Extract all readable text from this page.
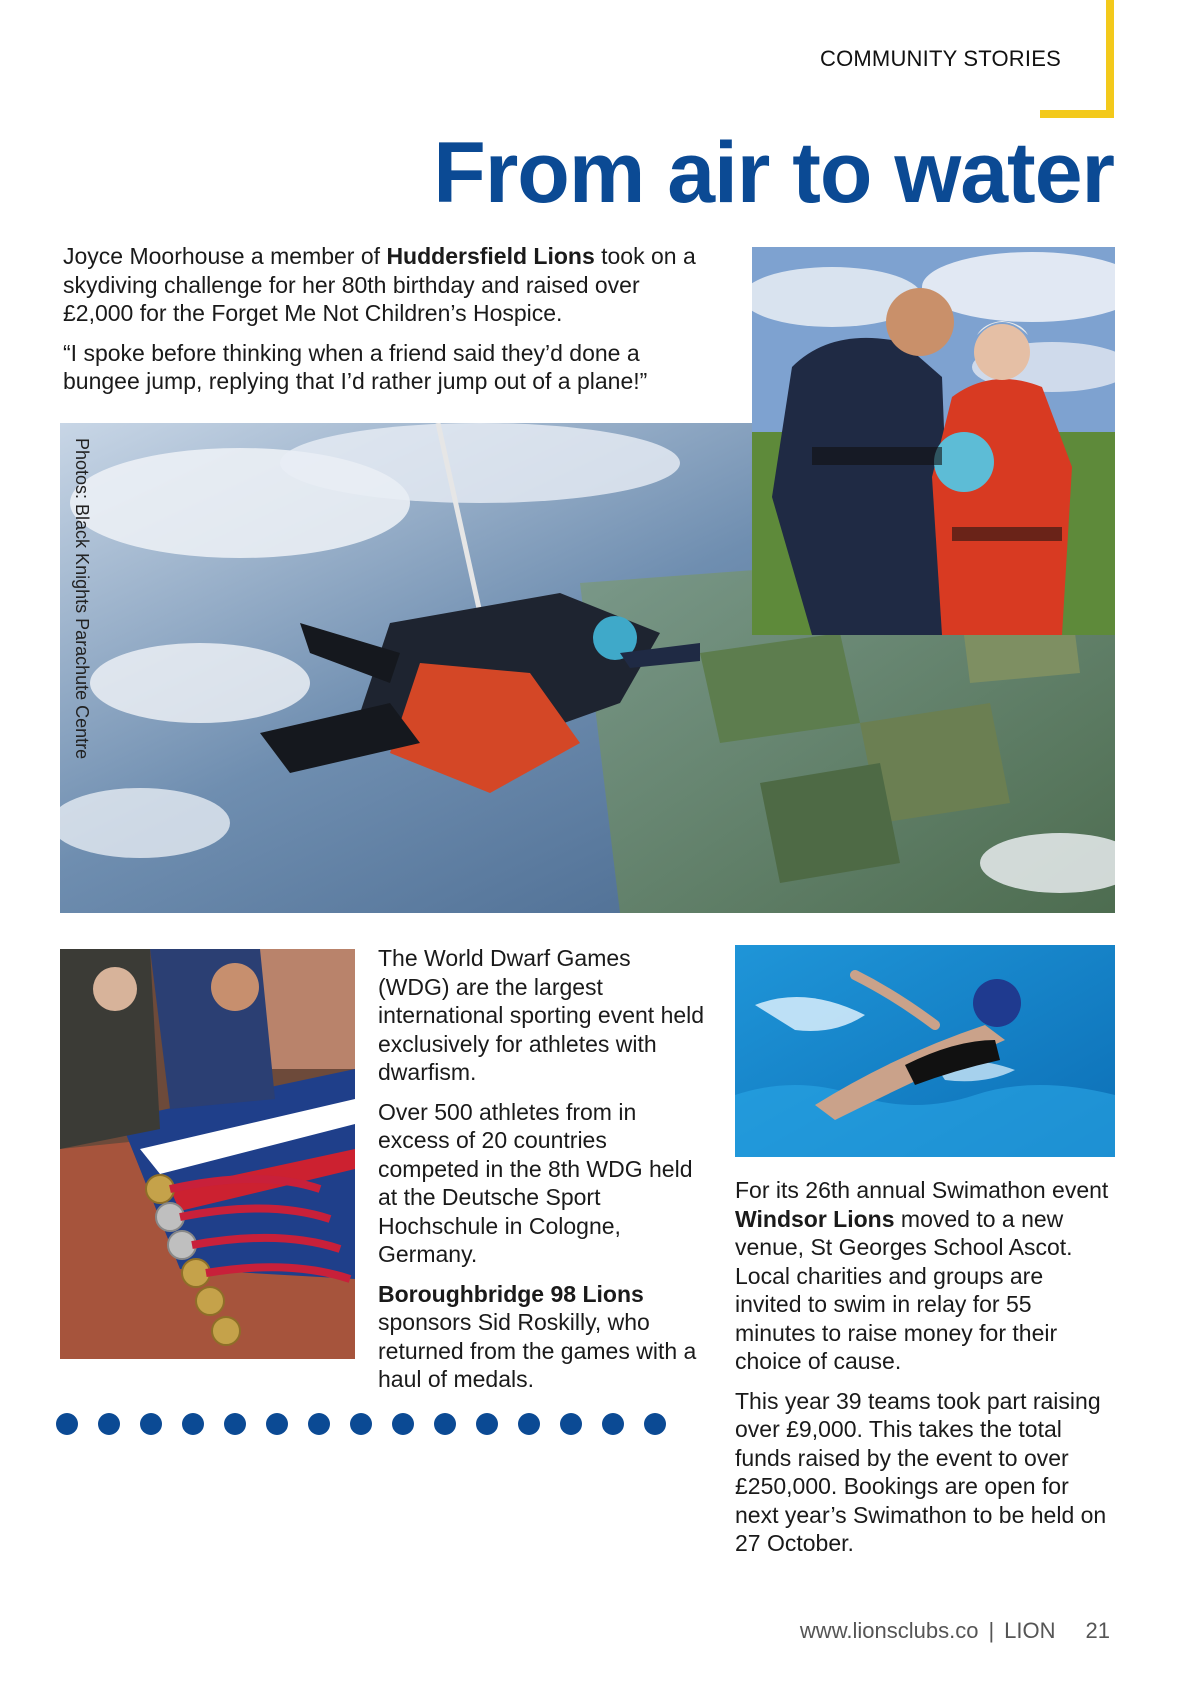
COMMUNITY STORIES
From air to water

Joyce Moorhouse a member of Huddersfield Lions took on a skydiving challenge for her 80th birthday and raised over £2,000 for the Forget Me Not Children’s Hospice.

“I spoke before thinking when a friend said they’d done a bungee jump, replying that I’d rather jump out of a plane!”

Photos: Black Knights Parachute Centre

The World Dwarf Games (WDG) are the largest international sporting event held exclusively for athletes with dwarfism.

Over 500 athletes from in excess of 20 countries competed in the 8th WDG held at the Deutsche Sport Hochschule in Cologne, Germany.

Boroughbridge 98 Lions sponsors Sid Roskilly, who returned from the games with a haul of medals.

For its 26th annual Swimathon event Windsor Lions moved to a new venue, St Georges School Ascot. Local charities and groups are invited to swim in relay for 55 minutes to raise money for their choice of cause.

This year 39 teams took part raising over £9,000. This takes the total funds raised by the event to over £250,000. Bookings are open for next year’s Swimathon to be held on 27 October.

www.lionsclubs.co | LION 21
